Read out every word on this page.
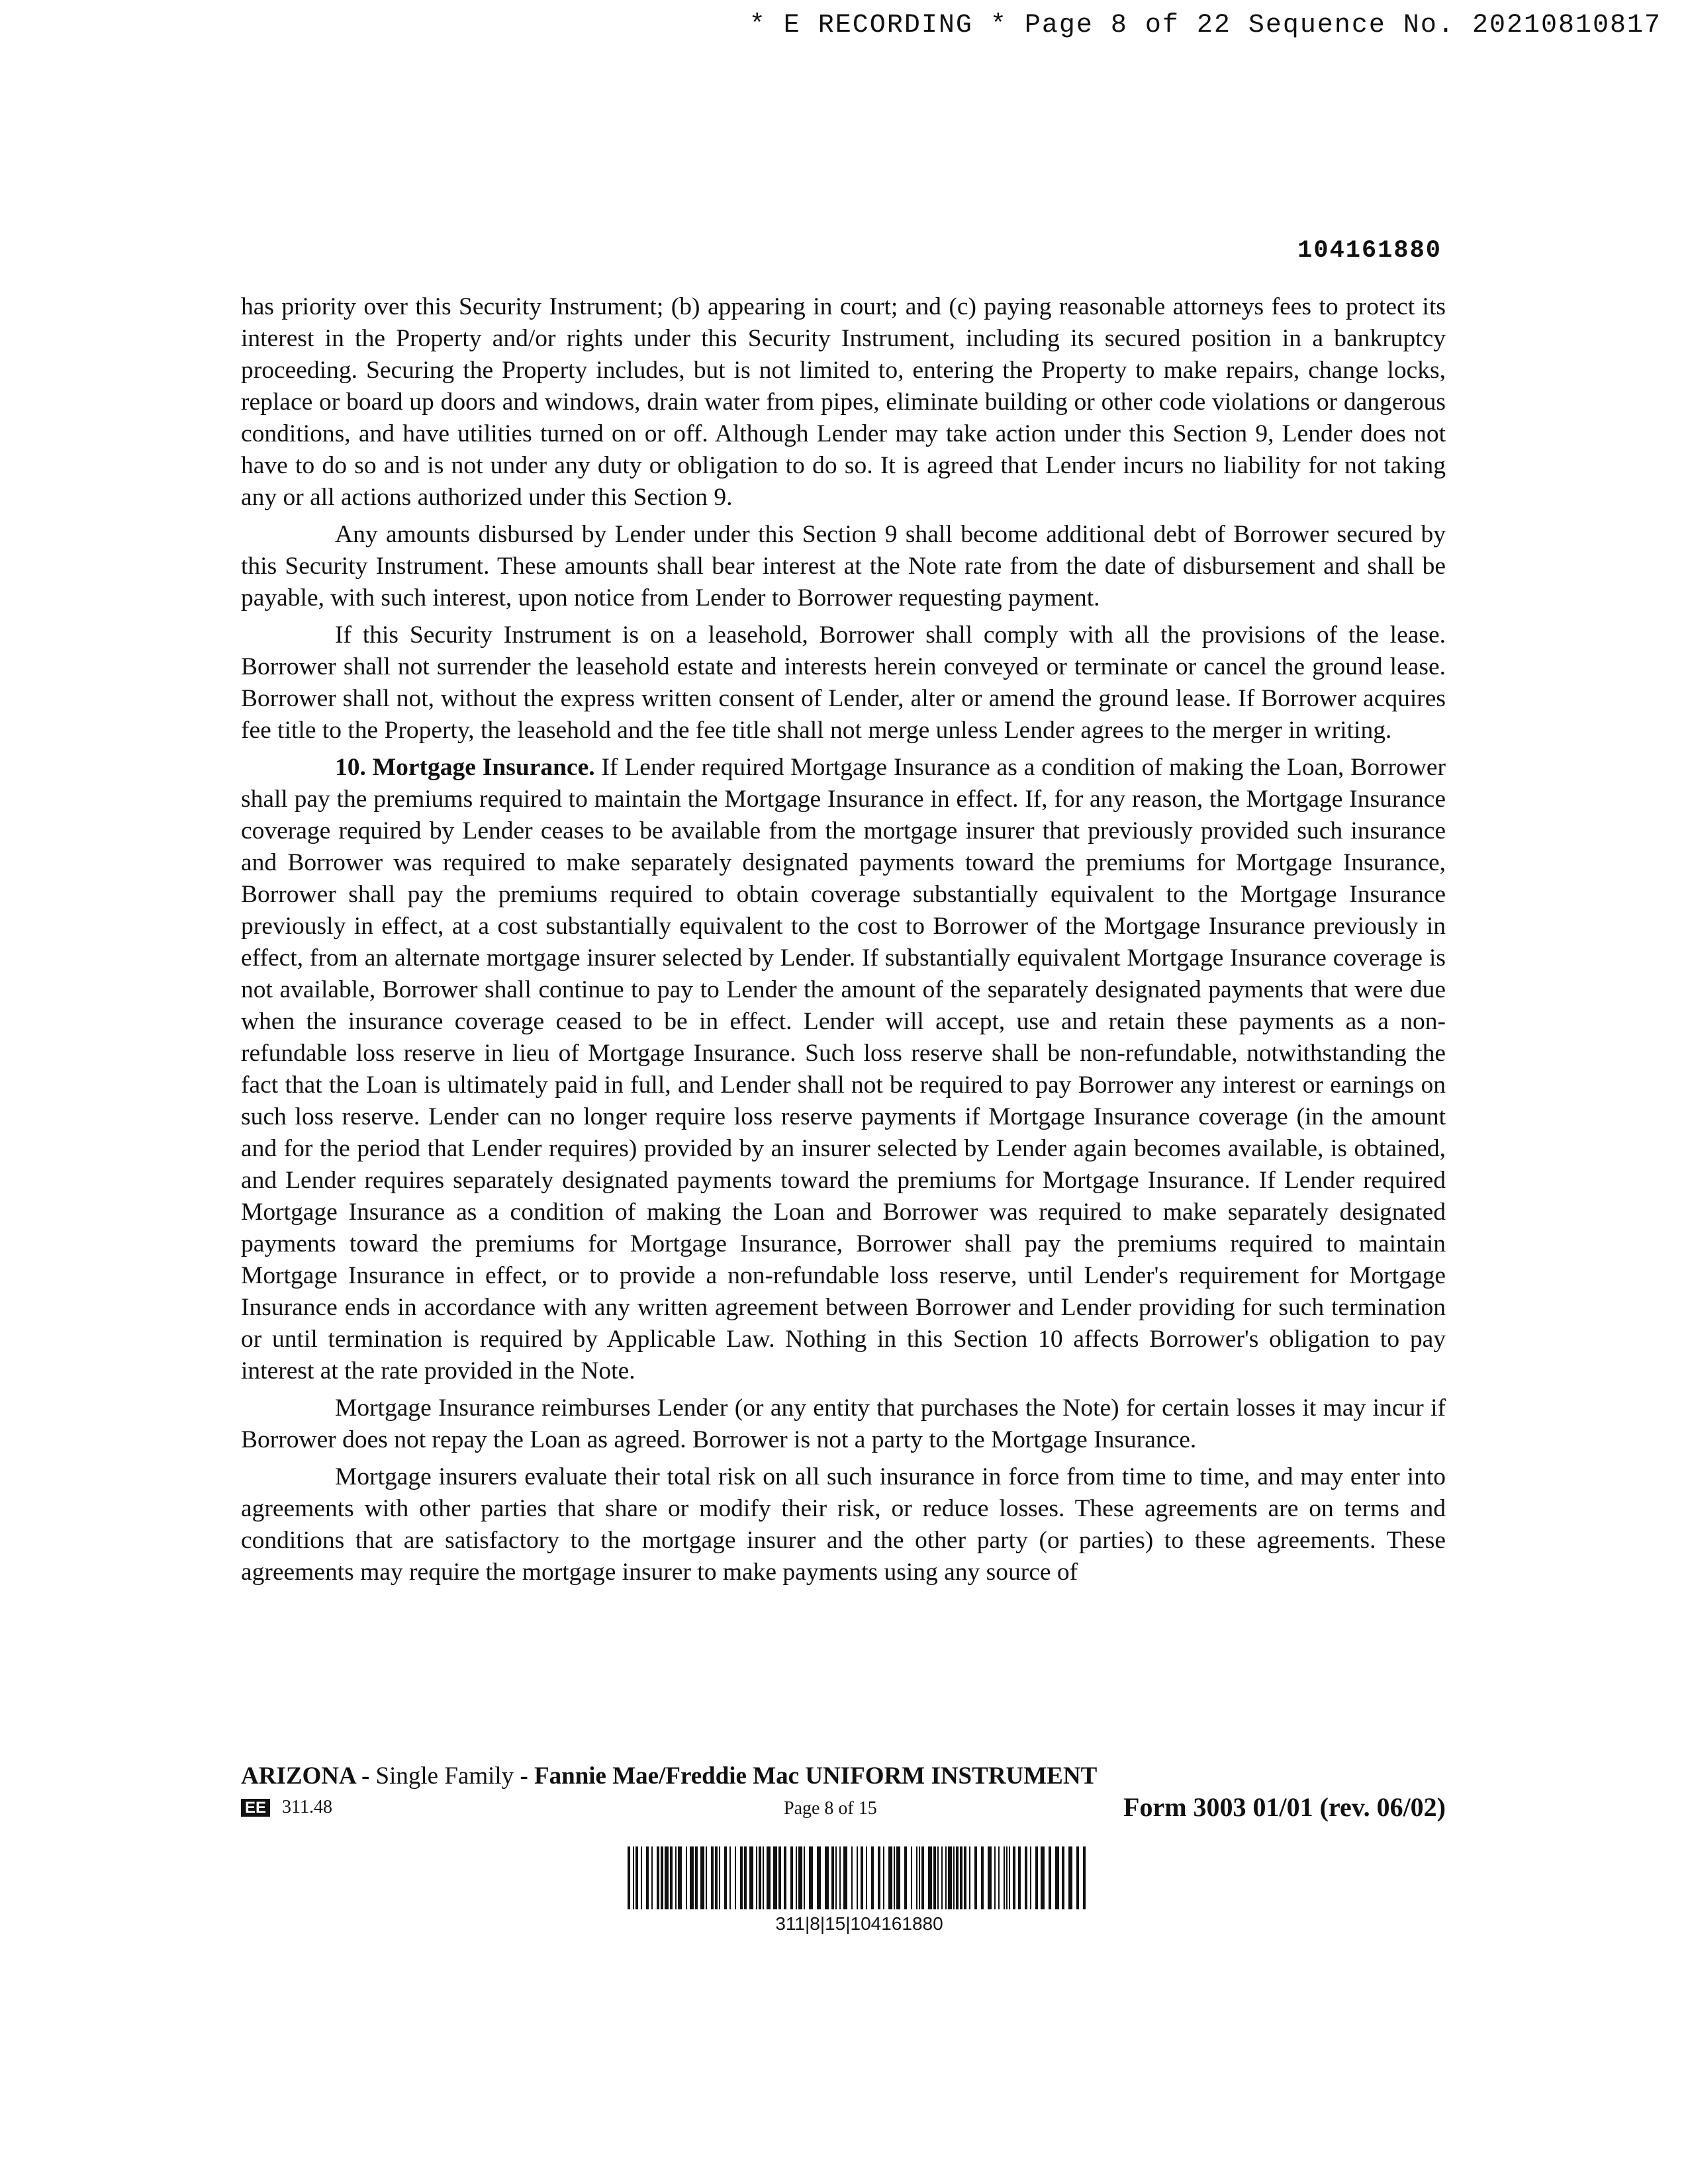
* E RECORDING * Page 8 of 22 Sequence No. 20210810817
104161880

has priority over this Security Instrument; (b) appearing in court; and (c) paying reasonable attorneys fees to protect its interest in the Property and/or rights under this Security Instrument, including its secured position in a bankruptcy proceeding. Securing the Property includes, but is not limited to, entering the Property to make repairs, change locks, replace or board up doors and windows, drain water from pipes, eliminate building or other code violations or dangerous conditions, and have utilities turned on or off. Although Lender may take action under this Section 9, Lender does not have to do so and is not under any duty or obligation to do so. It is agreed that Lender incurs no liability for not taking any or all actions authorized under this Section 9.

Any amounts disbursed by Lender under this Section 9 shall become additional debt of Borrower secured by this Security Instrument. These amounts shall bear interest at the Note rate from the date of disbursement and shall be payable, with such interest, upon notice from Lender to Borrower requesting payment.

If this Security Instrument is on a leasehold, Borrower shall comply with all the provisions of the lease. Borrower shall not surrender the leasehold estate and interests herein conveyed or terminate or cancel the ground lease. Borrower shall not, without the express written consent of Lender, alter or amend the ground lease. If Borrower acquires fee title to the Property, the leasehold and the fee title shall not merge unless Lender agrees to the merger in writing.

10. Mortgage Insurance. If Lender required Mortgage Insurance as a condition of making the Loan, Borrower shall pay the premiums required to maintain the Mortgage Insurance in effect. If, for any reason, the Mortgage Insurance coverage required by Lender ceases to be available from the mortgage insurer that previously provided such insurance and Borrower was required to make separately designated payments toward the premiums for Mortgage Insurance, Borrower shall pay the premiums required to obtain coverage substantially equivalent to the Mortgage Insurance previously in effect, at a cost substantially equivalent to the cost to Borrower of the Mortgage Insurance previously in effect, from an alternate mortgage insurer selected by Lender. If substantially equivalent Mortgage Insurance coverage is not available, Borrower shall continue to pay to Lender the amount of the separately designated payments that were due when the insurance coverage ceased to be in effect. Lender will accept, use and retain these payments as a non-refundable loss reserve in lieu of Mortgage Insurance. Such loss reserve shall be non-refundable, notwithstanding the fact that the Loan is ultimately paid in full, and Lender shall not be required to pay Borrower any interest or earnings on such loss reserve. Lender can no longer require loss reserve payments if Mortgage Insurance coverage (in the amount and for the period that Lender requires) provided by an insurer selected by Lender again becomes available, is obtained, and Lender requires separately designated payments toward the premiums for Mortgage Insurance. If Lender required Mortgage Insurance as a condition of making the Loan and Borrower was required to make separately designated payments toward the premiums for Mortgage Insurance, Borrower shall pay the premiums required to maintain Mortgage Insurance in effect, or to provide a non-refundable loss reserve, until Lender's requirement for Mortgage Insurance ends in accordance with any written agreement between Borrower and Lender providing for such termination or until termination is required by Applicable Law. Nothing in this Section 10 affects Borrower's obligation to pay interest at the rate provided in the Note.

Mortgage Insurance reimburses Lender (or any entity that purchases the Note) for certain losses it may incur if Borrower does not repay the Loan as agreed. Borrower is not a party to the Mortgage Insurance.

Mortgage insurers evaluate their total risk on all such insurance in force from time to time, and may enter into agreements with other parties that share or modify their risk, or reduce losses. These agreements are on terms and conditions that are satisfactory to the mortgage insurer and the other party (or parties) to these agreements. These agreements may require the mortgage insurer to make payments using any source of

ARIZONA - Single Family - Fannie Mae/Freddie Mac UNIFORM INSTRUMENT
EE 311.48	Page 8 of 15	Form 3003 01/01 (rev. 06/02)
311|8|15|104161880
